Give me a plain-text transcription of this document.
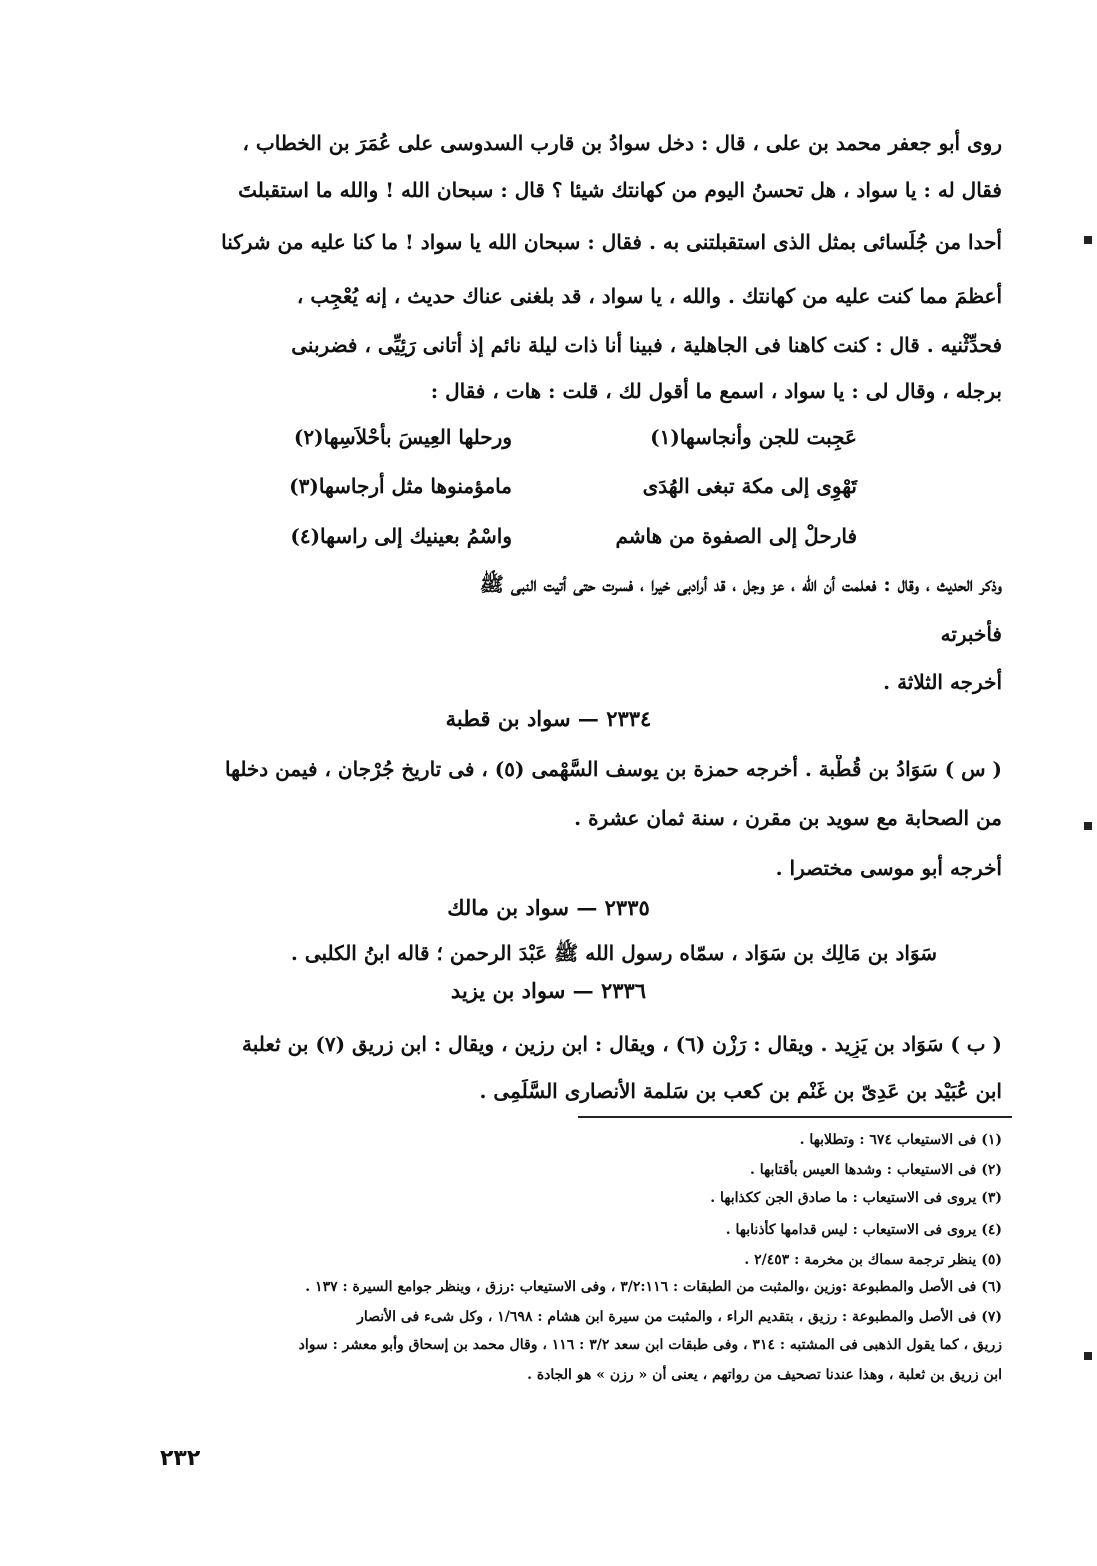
روى أبو جعفر محمد بن على ، قال : دخل سوادُ بن قارب السدوسى على عُمَرَ بن الخطاب ،
فقال له : يا سواد ، هل تحسنُ اليوم من كهانتك شيئا ؟ قال : سبحان الله ! والله ما استقبلتَ
أحدا من جُلَسائى بمثل الذى استقبلتنى به . فقال : سبحان الله يا سواد ! ما كنا عليه من شركنا
أعظمَ مما كنت عليه من كهانتك . والله ، يا سواد ، قد بلغنى عناك حديث ، إنه يُعْجِب ،
فحدِّثْنيه . قال : كنت كاهنا فى الجاهلية ، فبينا أنا ذات ليلة نائم إذ أتانى رَئِيِّى ، فضربنى
برجله ، وقال لى : يا سواد ، اسمع ما أقول لك ، قلت : هات ، فقال :
عَجِبت للجن وأنجاسها(١)
ورحلها العِيسَ بأحْلاَسِها(٢)
تَهْوِى إلى مكة تبغى الهُدَى
مامؤمنوها مثل أرجاسها(٣)
فارحلْ إلى الصفوة من هاشم
واسْمُ بعينيك إلى راسها(٤)
وذكر الحديث ، وقال : فعلمت أن الله ، عز وجل ، قد أرادبى خيرا ، فسرت حتى أتيت النبى ﷺ
فأخبرته
أخرجه الثلاثة .
٢٣٣٤ — سواد بن قطبة
( س ) سَوَادُ بن قُطْبة . أخرجه حمزة بن يوسف السَّهْمى (٥) ، فى تاريخ جُرْجان ، فيمن دخلها
من الصحابة مع سويد بن مقرن ، سنة ثمان عشرة .
أخرجه أبو موسى مختصرا .
٢٣٣٥ — سواد بن مالك
سَوَاد بن مَالِك بن سَوَاد ، سمّاه رسول الله ﷺ عَبْدَ الرحمن ؛ قاله ابنُ الكلبى .
٢٣٣٦ — سواد بن يزيد
( ب ) سَوَاد بن يَزِيد . ويقال : رَزْن (٦) ، ويقال : ابن رزين ، ويقال : ابن زريق (٧) بن ثعلبة
ابن عُبَيْد بن عَدِىّ بن غَنْم بن كعب بن سَلمة الأنصارى السَّلَمِى .
(١) فى الاستيعاب ٦٧٤ : وتطلابها .
(٢) فى الاستيعاب : وشدها العيس بأقتابها .
(٣) يروى فى الاستيعاب : ما صادق الجن ككذابها .
(٤) يروى فى الاستيعاب : ليس قدامها كأذنابها .
(٥) ينظر ترجمة سماك بن مخرمة : ٢/٤٥٣ .
(٦) فى الأصل والمطبوعة :وزين ،والمثبت من الطبقات : ٣/٢:١١٦ ، وفى الاستيعاب :رزق ، وينظر جوامع السيرة : ١٣٧ .
(٧) فى الأصل والمطبوعة : رزيق ، بتقديم الراء ، والمثبت من سيرة ابن هشام : ١/٦٩٨ ، وكل شىء فى الأنصار
زريق ، كما يقول الذهبى فى المشتبه : ٣١٤ ، وفى طبقات ابن سعد ٣/٢ : ١١٦ ، وقال محمد بن إسحاق وأبو معشر : سواد
ابن زريق بن ثعلبة ، وهذا عندنا تصحيف من رواتهم ، يعنى أن « رزن » هو الجادة .
٢٣٢
